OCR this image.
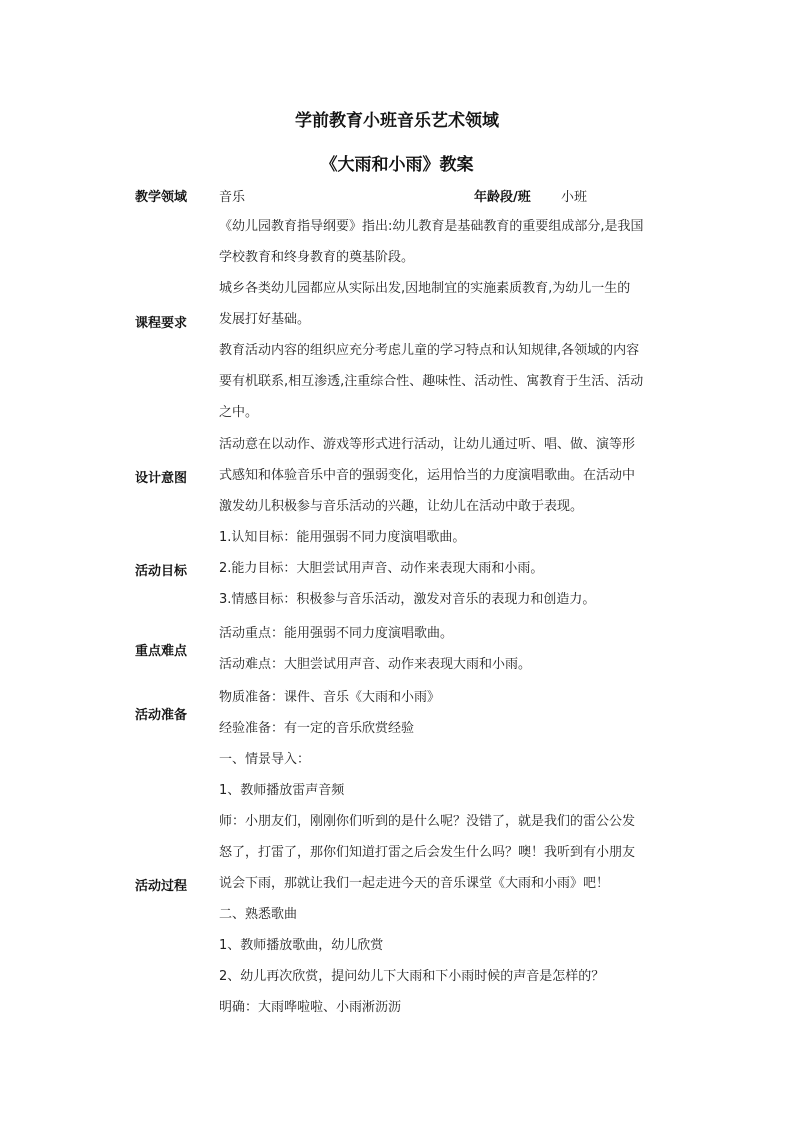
学前教育小班音乐艺术领域
《大雨和小雨》教案
教学领域 音乐	年龄段/班 小班
课程要求

《幼儿园教育指导纲要》指出:幼儿教育是基础教育的重要组成部分,是我国

学校教育和终身教育的奠基阶段。

城乡各类幼儿园都应从实际出发,因地制宜的实施素质教育,为幼儿一生的

发展打好基础。

教育活动内容的组织应充分考虑儿童的学习特点和认知规律,各领域的内容

要有机联系,相互渗透,注重综合性、趣味性、活动性、寓教育于生活、活动

之中。

设计意图

活动意在以动作、游戏等形式进行活动，让幼儿通过听、唱、做、演等形

式感知和体验音乐中音的强弱变化，运用恰当的力度演唱歌曲。在活动中

激发幼儿积极参与音乐活动的兴趣，让幼儿在活动中敢于表现。

活动目标

1.认知目标：能用强弱不同力度演唱歌曲。

2.能力目标：大胆尝试用声音、动作来表现大雨和小雨。

3.情感目标：积极参与音乐活动，激发对音乐的表现力和创造力。

重点难点

活动重点：能用强弱不同力度演唱歌曲。

活动难点：大胆尝试用声音、动作来表现大雨和小雨。

活动准备

物质准备：课件、音乐《大雨和小雨》

经验准备：有一定的音乐欣赏经验

活动过程

一、情景导入：

1、教师播放雷声音频

师：小朋友们，刚刚你们听到的是什么呢？没错了，就是我们的雷公公发

怒了，打雷了，那你们知道打雷之后会发生什么吗？噢！我听到有小朋友

说会下雨，那就让我们一起走进今天的音乐课堂《大雨和小雨》吧！

二、熟悉歌曲

1、教师播放歌曲，幼儿欣赏

2、幼儿再次欣赏，提问幼儿下大雨和下小雨时候的声音是怎样的？

明确：大雨哗啦啦、小雨淅沥沥
